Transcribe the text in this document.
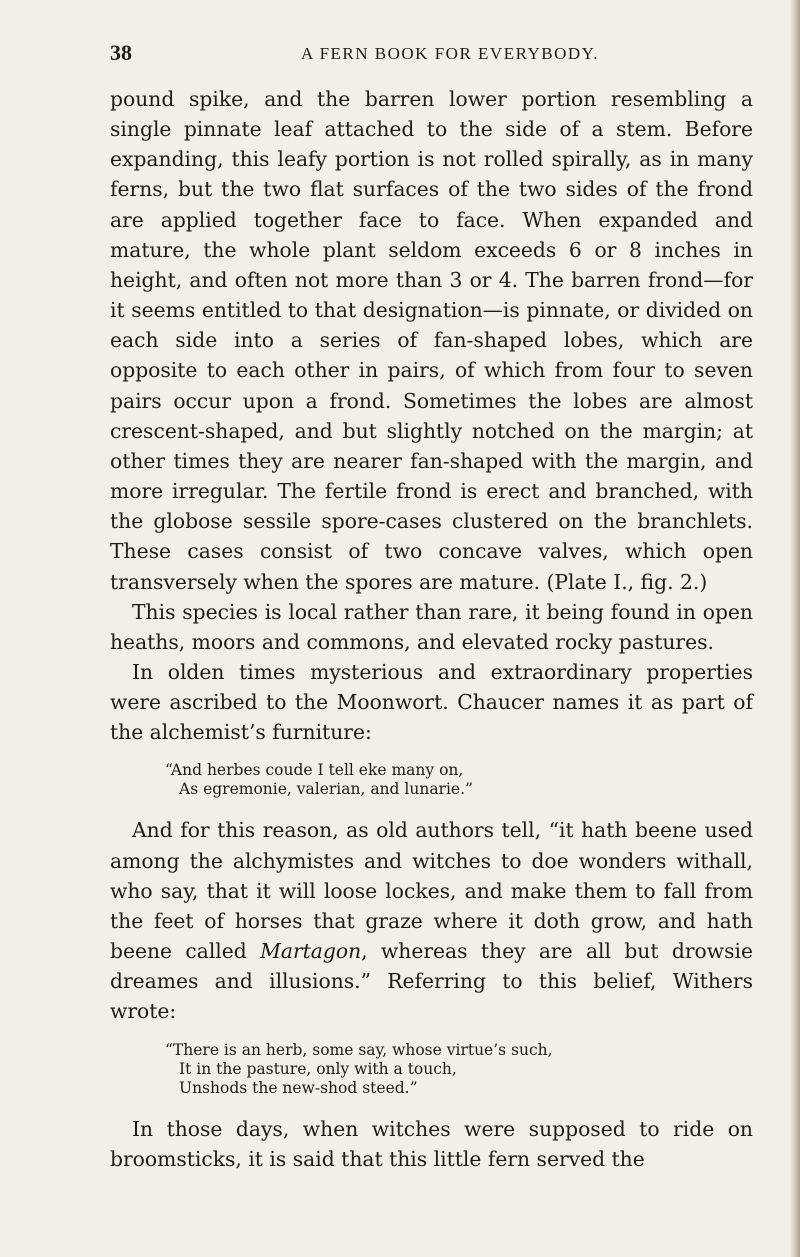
38	A FERN BOOK FOR EVERYBODY.

pound spike, and the barren lower portion resembling a single pinnate leaf attached to the side of a stem. Before expanding, this leafy portion is not rolled spirally, as in many ferns, but the two flat surfaces of the two sides of the frond are applied together face to face. When expanded and mature, the whole plant seldom exceeds 6 or 8 inches in height, and often not more than 3 or 4. The barren frond—for it seems entitled to that designation—is pinnate, or divided on each side into a series of fan-shaped lobes, which are opposite to each other in pairs, of which from four to seven pairs occur upon a frond. Sometimes the lobes are almost crescent-shaped, and but slightly notched on the margin; at other times they are nearer fan-shaped with the margin, and more irregular. The fertile frond is erect and branched, with the globose sessile spore-cases clustered on the branchlets. These cases consist of two concave valves, which open transversely when the spores are mature. (Plate I., fig. 2.)

This species is local rather than rare, it being found in open heaths, moors and commons, and elevated rocky pastures.

In olden times mysterious and extraordinary properties were ascribed to the Moonwort. Chaucer names it as part of the alchemist’s furniture:

“And herbes coude I tell eke many on,
As egremonie, valerian, and lunarie.”

And for this reason, as old authors tell, “it hath beene used among the alchymistes and witches to doe wonders withall, who say, that it will loose lockes, and make them to fall from the feet of horses that graze where it doth grow, and hath beene called Martagon, whereas they are all but drowsie dreames and illusions.” Referring to this belief, Withers wrote:

“There is an herb, some say, whose virtue’s such,
It in the pasture, only with a touch,
Unshods the new-shod steed.”

In those days, when witches were supposed to ride on broomsticks, it is said that this little fern served the
